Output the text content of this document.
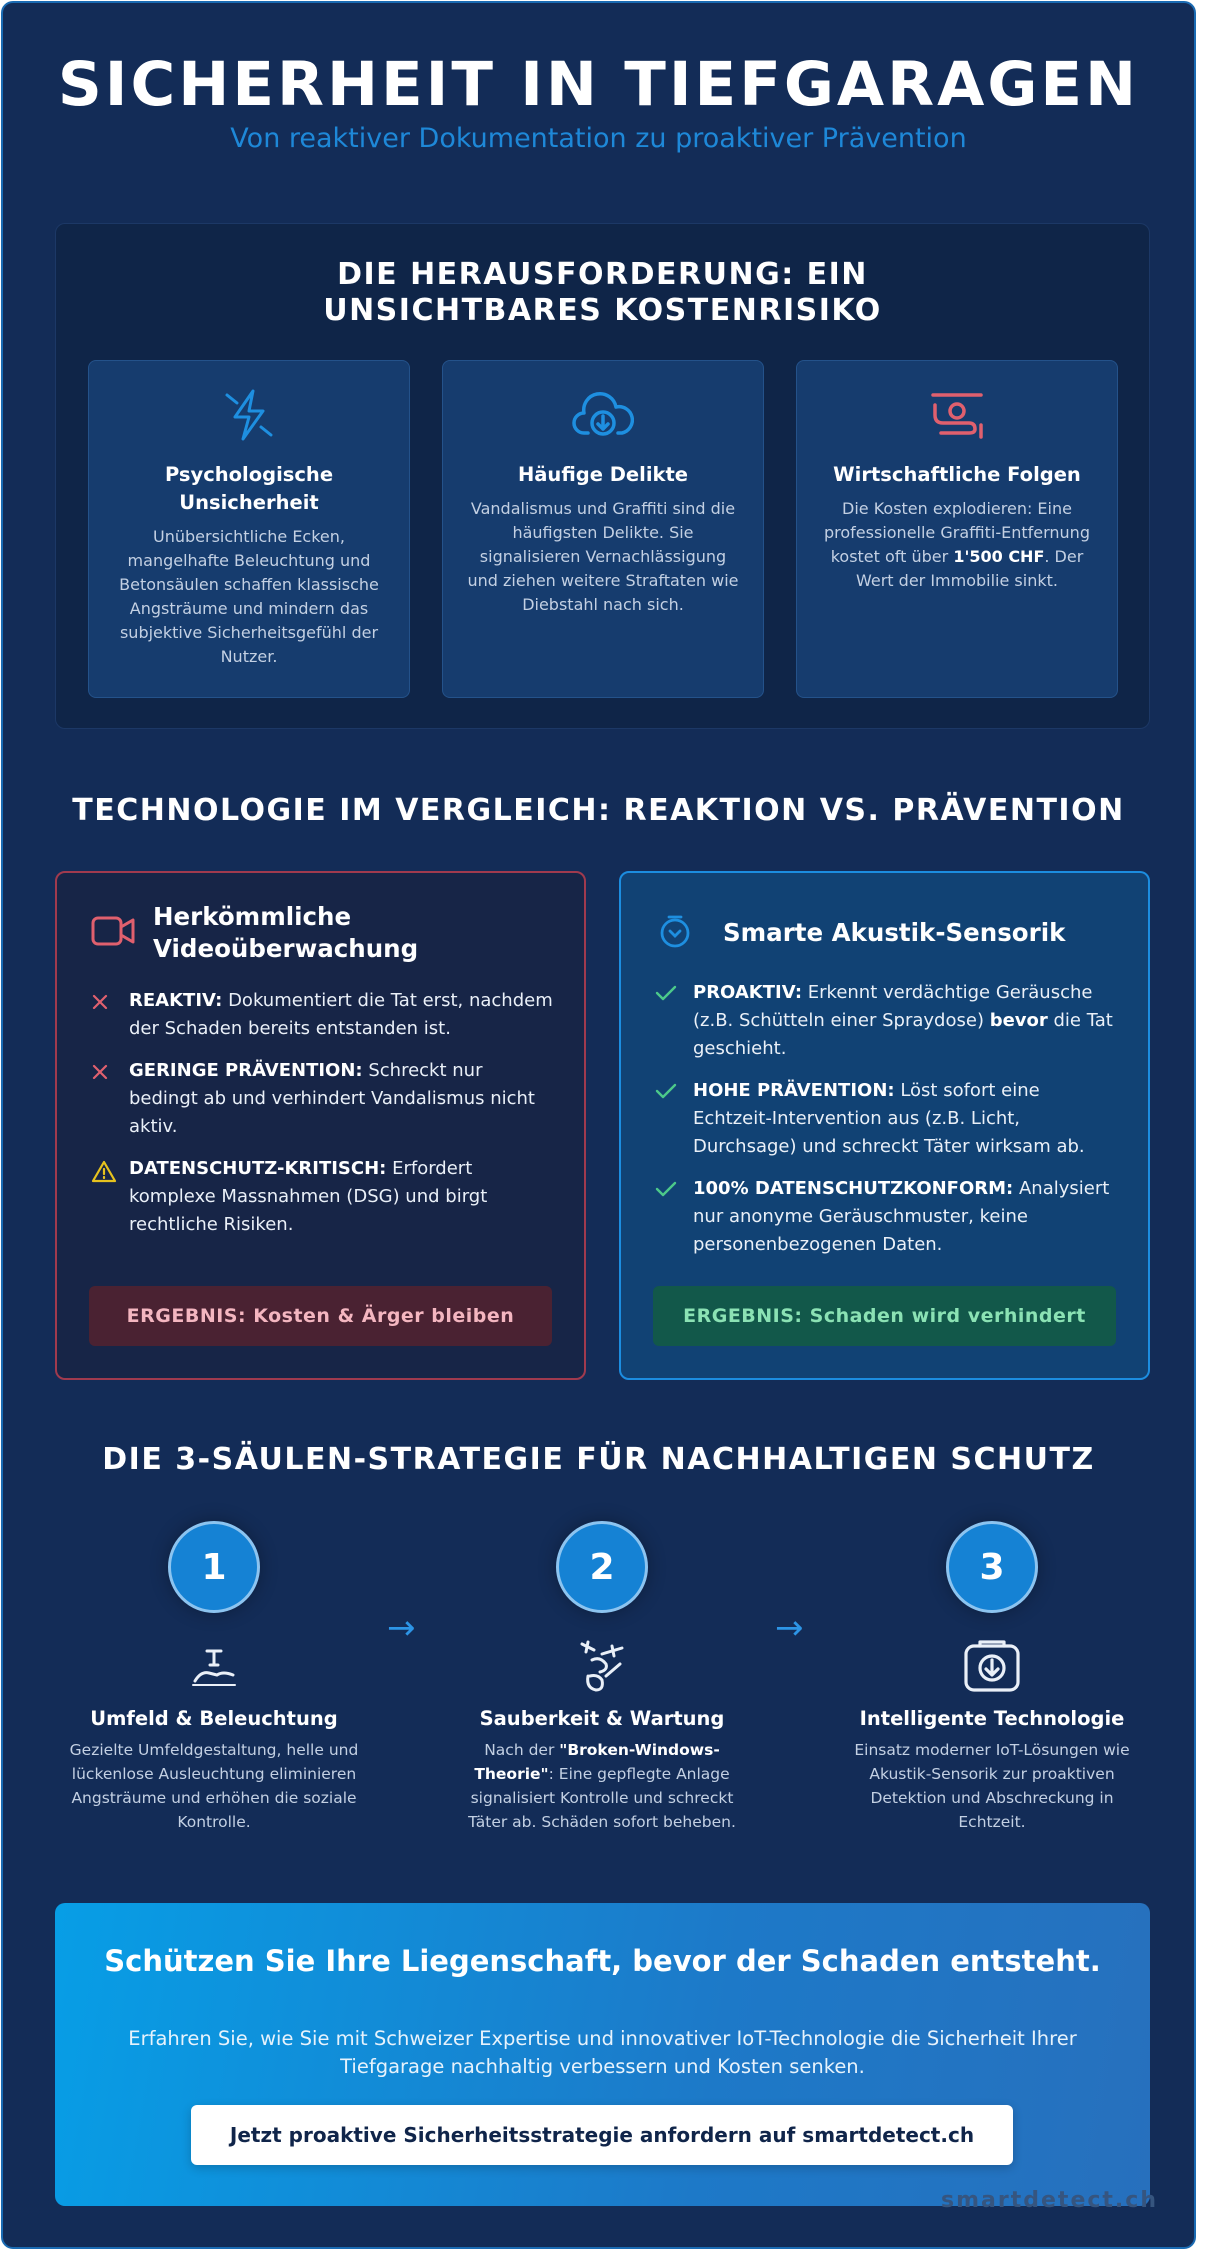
SICHERHEIT IN TIEFGARAGEN
Von reaktiver Dokumentation zu proaktiver Prävention
DIE HERAUSFORDERUNG: EIN UNSICHTBARES KOSTENRISIKO
Psychologische Unsicherheit

Unübersichtliche Ecken, mangelhafte Beleuchtung und Betonsäulen schaffen klassische Angsträume und mindern das subjektive Sicherheitsgefühl der Nutzer.

Häufige Delikte

Vandalismus und Graffiti sind die häufigsten Delikte. Sie signalisieren Vernachlässigung und ziehen weitere Straftaten wie Diebstahl nach sich.

Wirtschaftliche Folgen

Die Kosten explodieren: Eine professionelle Graffiti-Entfernung kostet oft über 1'500 CHF. Der Wert der Immobilie sinkt.

TECHNOLOGIE IM VERGLEICH: REAKTION VS. PRÄVENTION
Herkömmliche Videoüberwachung
REAKTIV: Dokumentiert die Tat erst, nachdem der Schaden bereits entstanden ist.
GERINGE PRÄVENTION: Schreckt nur bedingt ab und verhindert Vandalismus nicht aktiv.
DATENSCHUTZ-KRITISCH: Erfordert komplexe Massnahmen (DSG) und birgt rechtliche Risiken.
ERGEBNIS: Kosten & Ärger bleiben
Smarte Akustik-Sensorik
PROAKTIV: Erkennt verdächtige Geräusche (z.B. Schütteln einer Spraydose) bevor die Tat geschieht.
HOHE PRÄVENTION: Löst sofort eine Echtzeit-Intervention aus (z.B. Licht, Durchsage) und schreckt Täter wirksam ab.
100% DATENSCHUTZKONFORM: Analysiert nur anonyme Geräuschmuster, keine personenbezogenen Daten.
ERGEBNIS: Schaden wird verhindert
DIE 3-SÄULEN-STRATEGIE FÜR NACHHALTIGEN SCHUTZ
1
Umfeld & Beleuchtung

Gezielte Umfeldgestaltung, helle und lückenlose Ausleuchtung eliminieren Angsträume und erhöhen die soziale Kontrolle.

→
2
Sauberkeit & Wartung

Nach der "Broken-Windows-Theorie": Eine gepflegte Anlage signalisiert Kontrolle und schreckt Täter ab. Schäden sofort beheben.

→
3
Intelligente Technologie

Einsatz moderner IoT-Lösungen wie Akustik-Sensorik zur proaktiven Detektion und Abschreckung in Echtzeit.

Schützen Sie Ihre Liegenschaft, bevor der Schaden entsteht.

Erfahren Sie, wie Sie mit Schweizer Expertise und innovativer IoT-Technologie die Sicherheit Ihrer Tiefgarage nachhaltig verbessern und Kosten senken.

Jetzt proaktive Sicherheitsstrategie anfordern auf smartdetect.ch
smartdetect.ch
